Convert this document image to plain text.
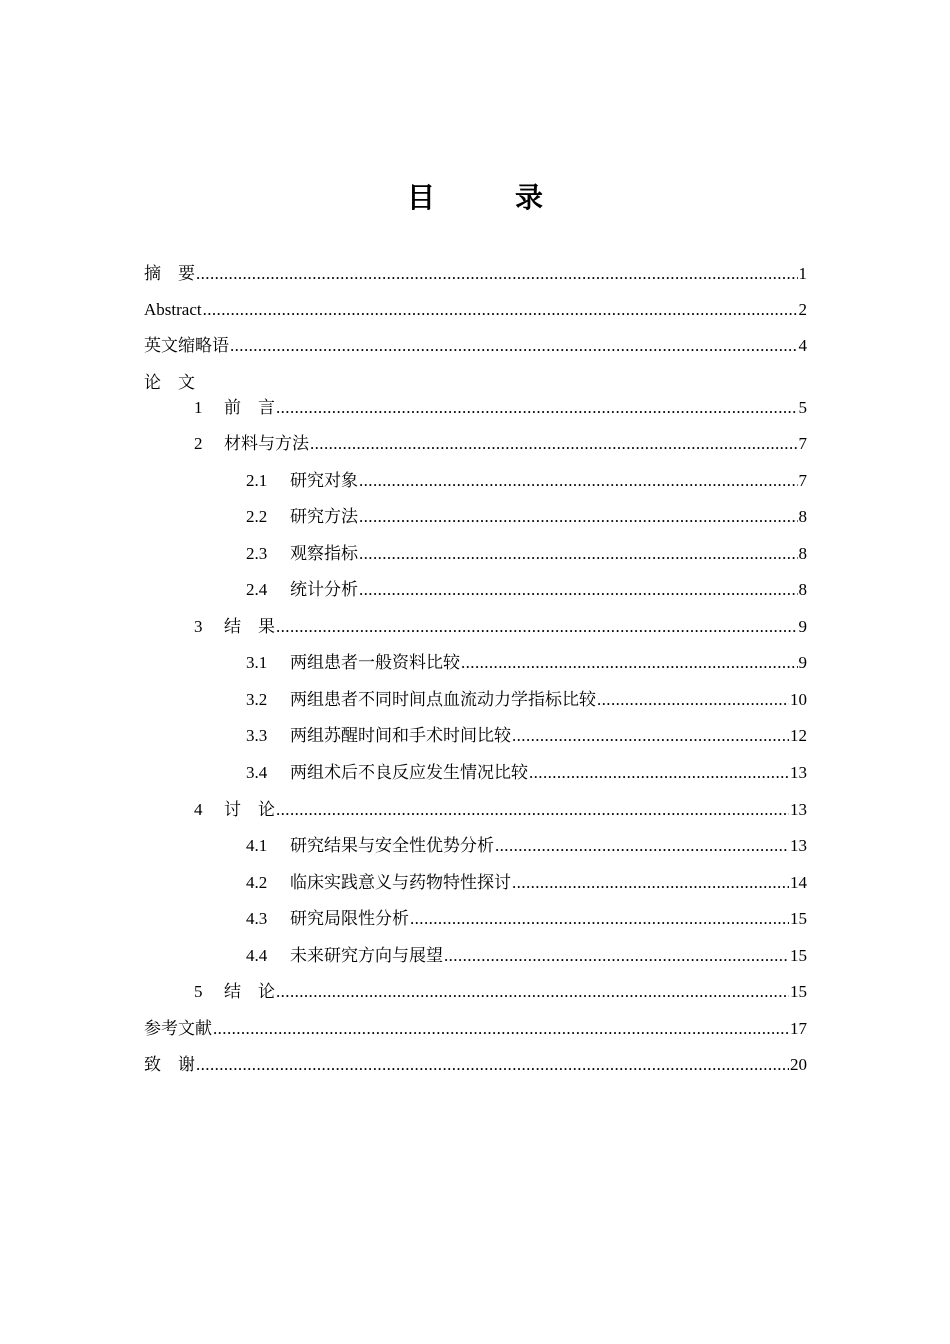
目　录
摘　要 .....	1
Abstract .....	2
英文缩略语 .....	4
论　文
1	前　言 .....	5
2	材料与方法 .....	7
2.1	研究对象 .....	7
2.2	研究方法 .....	8
2.3	观察指标 .....	8
2.4	统计分析 .....	8
3	结　果 .....	9
3.1	两组患者一般资料比较 .....	9
3.2	两组患者不同时间点血流动力学指标比较 .....	10
3.3	两组苏醒时间和手术时间比较 .....	12
3.4	两组术后不良反应发生情况比较 .....	13
4	讨　论 .....	13
4.1	研究结果与安全性优势分析 .....	13
4.2	临床实践意义与药物特性探讨 .....	14
4.3	研究局限性分析 .....	15
4.4	未来研究方向与展望 .....	15
5	结　论 .....	15
参考文献 .....	17
致　谢 .....	20
